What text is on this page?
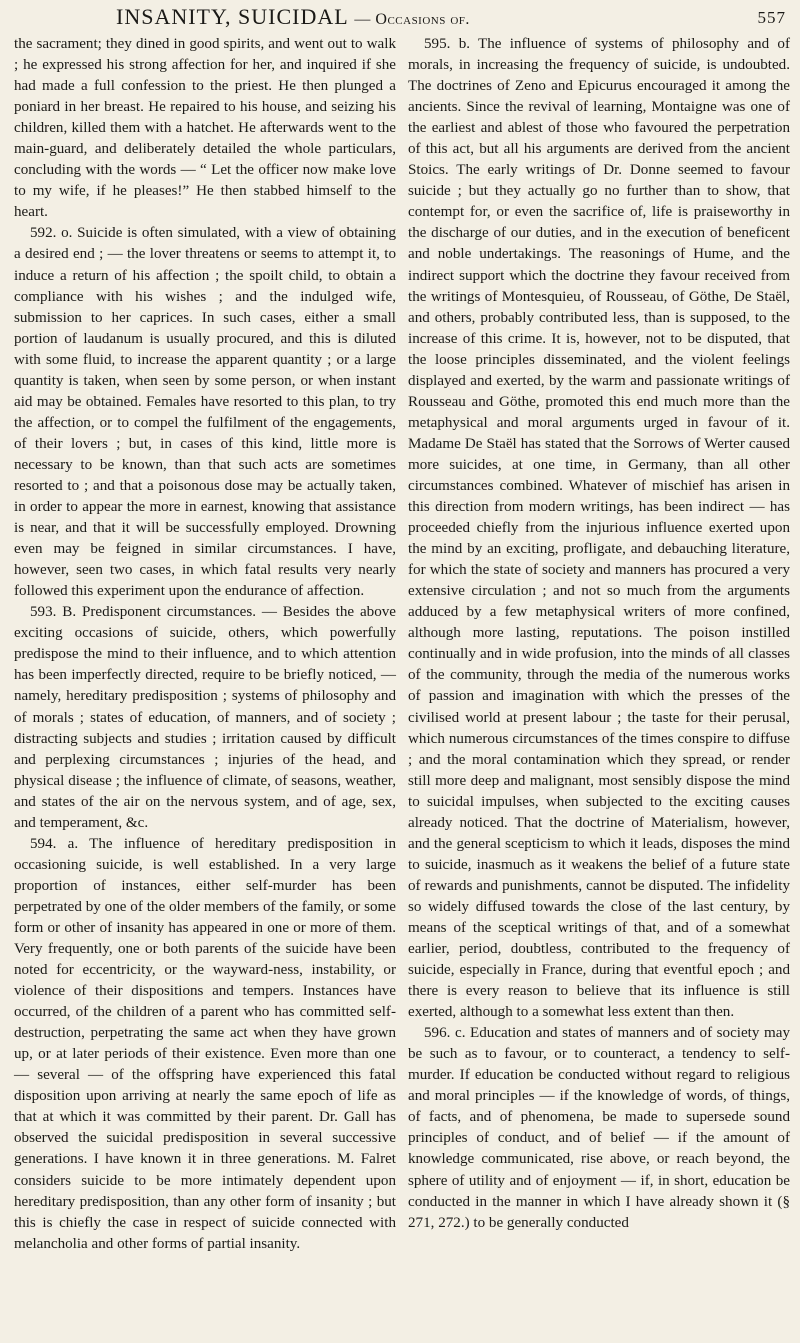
INSANITY, SUICIDAL — Occasions of.	557

the sacrament; they dined in good spirits, and went out to walk ; he expressed his strong affection for her, and inquired if she had made a full confession to the priest. He then plunged a poniard in her breast. He repaired to his house, and seizing his children, killed them with a hatchet. He afterwards went to the main-guard, and deliberately detailed the whole particulars, concluding with the words — “ Let the officer now make love to my wife, if he pleases!” He then stabbed himself to the heart.

592. o. Suicide is often simulated, with a view of obtaining a desired end ; — the lover threatens or seems to attempt it, to induce a return of his affection ; the spoilt child, to obtain a compliance with his wishes ; and the indulged wife, submission to her caprices. In such cases, either a small portion of laudanum is usually procured, and this is diluted with some fluid, to increase the apparent quantity ; or a large quantity is taken, when seen by some person, or when instant aid may be obtained. Females have resorted to this plan, to try the affection, or to compel the fulfilment of the engagements, of their lovers ; but, in cases of this kind, little more is necessary to be known, than that such acts are sometimes resorted to ; and that a poisonous dose may be actually taken, in order to appear the more in earnest, knowing that assistance is near, and that it will be successfully employed. Drowning even may be feigned in similar circumstances. I have, however, seen two cases, in which fatal results very nearly followed this experiment upon the endurance of affection.

593. B. Predisponent circumstances. — Besides the above exciting occasions of suicide, others, which powerfully predispose the mind to their influence, and to which attention has been imperfectly directed, require to be briefly noticed, — namely, hereditary predisposition ; systems of philosophy and of morals ; states of education, of manners, and of society ; distracting subjects and studies ; irritation caused by difficult and perplexing circumstances ; injuries of the head, and physical disease ; the influence of climate, of seasons, weather, and states of the air on the nervous system, and of age, sex, and temperament, &c.

594. a. The influence of hereditary predisposition in occasioning suicide, is well established. In a very large proportion of instances, either self-murder has been perpetrated by one of the older members of the family, or some form or other of insanity has appeared in one or more of them. Very frequently, one or both parents of the suicide have been noted for eccentricity, or the wayward-ness, instability, or violence of their dispositions and tempers. Instances have occurred, of the children of a parent who has committed self-destruction, perpetrating the same act when they have grown up, or at later periods of their existence. Even more than one — several — of the offspring have experienced this fatal disposition upon arriving at nearly the same epoch of life as that at which it was committed by their parent. Dr. Gall has observed the suicidal predisposition in several successive generations. I have known it in three generations. M. Falret considers suicide to be more intimately dependent upon hereditary predisposition, than any other form of insanity ; but this is chiefly the case in respect of suicide connected with melancholia and other forms of partial insanity.

595. b. The influence of systems of philosophy and of morals, in increasing the frequency of suicide, is undoubted. The doctrines of Zeno and Epicurus encouraged it among the ancients. Since the revival of learning, Montaigne was one of the earliest and ablest of those who favoured the perpetration of this act, but all his arguments are derived from the ancient Stoics. The early writings of Dr. Donne seemed to favour suicide ; but they actually go no further than to show, that contempt for, or even the sacrifice of, life is praiseworthy in the discharge of our duties, and in the execution of beneficent and noble undertakings. The reasonings of Hume, and the indirect support which the doctrine they favour received from the writings of Montesquieu, of Rousseau, of Göthe, De Staël, and others, probably contributed less, than is supposed, to the increase of this crime. It is, however, not to be disputed, that the loose principles disseminated, and the violent feelings displayed and exerted, by the warm and passionate writings of Rousseau and Göthe, promoted this end much more than the metaphysical and moral arguments urged in favour of it. Madame De Staël has stated that the Sorrows of Werter caused more suicides, at one time, in Germany, than all other circumstances combined. Whatever of mischief has arisen in this direction from modern writings, has been indirect — has proceeded chiefly from the injurious influence exerted upon the mind by an exciting, profligate, and debauching literature, for which the state of society and manners has procured a very extensive circulation ; and not so much from the arguments adduced by a few metaphysical writers of more confined, although more lasting, reputations. The poison instilled continually and in wide profusion, into the minds of all classes of the community, through the media of the numerous works of passion and imagination with which the presses of the civilised world at present labour ; the taste for their perusal, which numerous circumstances of the times conspire to diffuse ; and the moral contamination which they spread, or render still more deep and malignant, most sensibly dispose the mind to suicidal impulses, when subjected to the exciting causes already noticed. That the doctrine of Materialism, however, and the general scepticism to which it leads, disposes the mind to suicide, inasmuch as it weakens the belief of a future state of rewards and punishments, cannot be disputed. The infidelity so widely diffused towards the close of the last century, by means of the sceptical writings of that, and of a somewhat earlier, period, doubtless, contributed to the frequency of suicide, especially in France, during that eventful epoch ; and there is every reason to believe that its influence is still exerted, although to a somewhat less extent than then.

596. c. Education and states of manners and of society may be such as to favour, or to counteract, a tendency to self-murder. If education be conducted without regard to religious and moral principles — if the knowledge of words, of things, of facts, and of phenomena, be made to supersede sound principles of conduct, and of belief — if the amount of knowledge communicated, rise above, or reach beyond, the sphere of utility and of enjoyment — if, in short, education be conducted in the manner in which I have already shown it (§ 271, 272.) to be generally conducted
